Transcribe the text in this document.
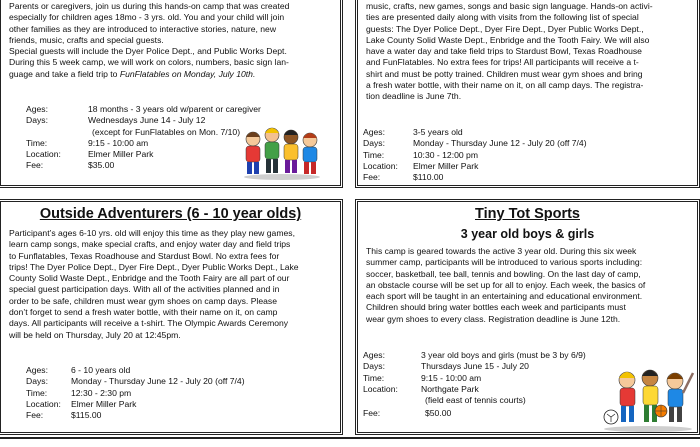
Parents or caregivers, join us during this hands-on camp that was created

especially for children ages 18mo - 3 yrs. old. You and your child will join

other families as they are introduced to interactive stories, nature, new

friends, music, crafts and special guests.

Special guests will include the Dyer Police Dept., and Public Works Dept.

During this 5 week camp, we will work on colors, numbers, basic sign lan-

guage and take a field trip to FunFlatables on Monday, July 10th.

Ages:	18 months - 3 years old w/parent or caregiver
Days:	Wednesdays June 14 - July 12
(except for FunFlatables on Mon. 7/10)
Time:	9:15 - 10:00 am
Location:	Elmer Miller Park
Fee:	$35.00

music, crafts, new games, songs and basic sign language. Hands-on activi-

ties are presented daily along with visits from the following list of special

guests: The Dyer Police Dept., Dyer Fire Dept., Dyer Public Works Dept.,

Lake County Solid Waste Dept., Enbridge and the Tooth Fairy. We will also

have a water day and take field trips to Stardust Bowl, Texas Roadhouse

and FunFlatables. No extra fees for trips! All participants will receive a t-

shirt and must be potty trained. Children must wear gym shoes and bring

a fresh water bottle, with their name on it, on all camp days. The registra-

tion deadline is June 7th.

Ages:	3-5 years old
Days:	Monday - Thursday June 12 - July 20 (off 7/4)
Time:	10:30 - 12:00 pm
Location:	Elmer Miller Park
Fee:	$110.00
Outside Adventurers (6 - 10 year olds)

Participant’s ages 6-10 yrs. old will enjoy this time as they play new games,

learn camp songs, make special crafts, and enjoy water day and field trips

to Funflatables, Texas Roadhouse and Stardust Bowl. No extra fees for

trips! The Dyer Police Dept., Dyer Fire Dept., Dyer Public Works Dept., Lake

County Solid Waste Dept., Enbridge and the Tooth Fairy are all part of our

special guest participation days. With all of the activities planned and in

order to be safe, children must wear gym shoes on camp days. Please

don’t forget to send a fresh water bottle, with their name on it, on camp

days. All participants will receive a t-shirt. The Olympic Awards Ceremony

will be held on Thursday, July 20 at 12:45pm.

Ages:	6 - 10 years old
Days:	Monday - Thursday June 12 - July 20 (off 7/4)
Time:	12:30 - 2:30 pm
Location:	Elmer Miller Park
Fee:	$115.00
Tiny Tot Sports
3 year old boys & girls

This camp is geared towards the active 3 year old. During this six week

summer camp, participants will be introduced to various sports including:

soccer, basketball, tee ball, tennis and bowling. On the last day of camp,

an obstacle course will be set up for all to enjoy. Each week, the basics of

each sport will be taught in an entertaining and educational environment.

Children should bring water bottles each week and participants must

wear gym shoes to every class. Registration deadline is June 12th.

Ages:	3 year old boys and girls (must be 3 by 6/9)
Days:	Thursdays June 15 - July 20
Time:	9:15 - 10:00 am
Location:	Northgate Park
(field east of tennis courts)
Fee:	$50.00
